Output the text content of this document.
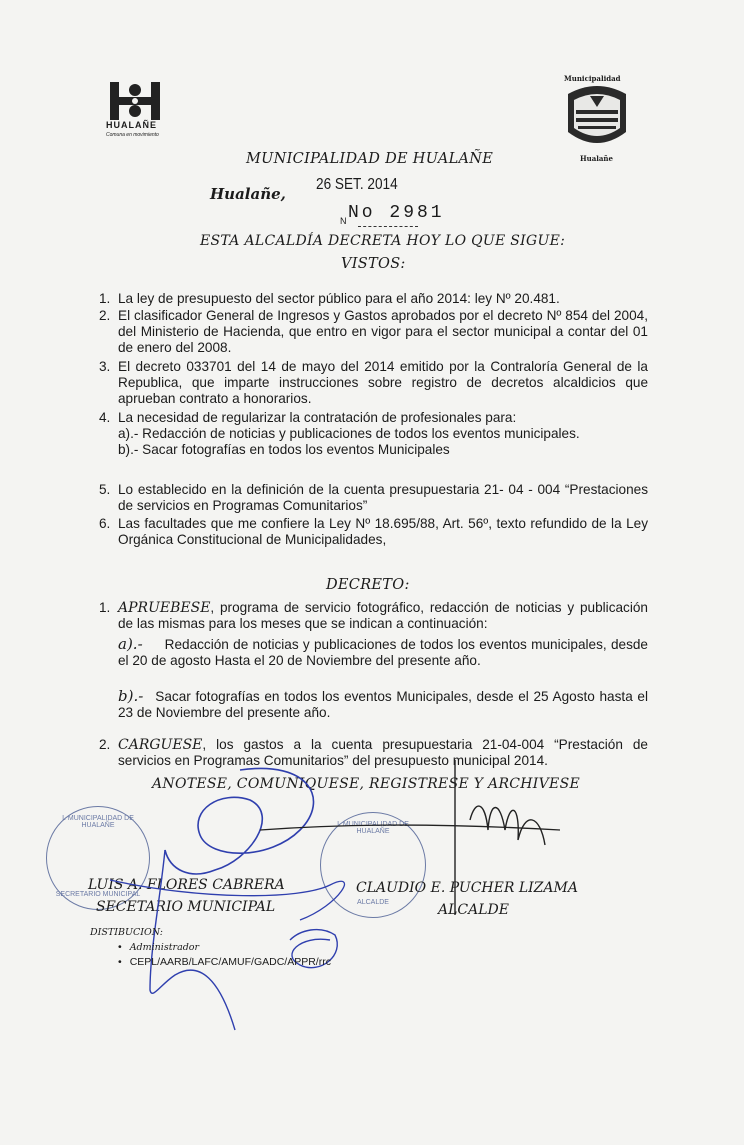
HUALAÑE
Comuna en movimiento
Municipalidad
Hualañe
MUNICIPALIDAD DE HUALAÑE
Hualañe,
26 SET. 2014
N No 2981
ESTA ALCALDÍA DECRETA HOY LO QUE SIGUE:
VISTOS:
1. La ley de presupuesto del sector público para el año 2014: ley Nº 20.481.
2. El clasificador General de Ingresos y Gastos aprobados por el decreto Nº 854 del 2004, del Ministerio de Hacienda, que entro en vigor para el sector municipal a contar del 01 de enero del 2008.
3. El decreto 033701 del 14 de mayo del 2014 emitido por la Contraloría General de la Republica, que imparte instrucciones sobre registro de decretos alcaldicios que aprueban contrato a honorarios.
4. La necesidad de regularizar la contratación de profesionales para:
a).- Redacción de noticias y publicaciones de todos los eventos municipales.
b).- Sacar fotografías en todos los eventos Municipales
5. Lo establecido en la definición de la cuenta presupuestaria 21- 04 - 004 “Prestaciones de servicios en Programas Comunitarios”
6. Las facultades que me confiere la Ley Nº 18.695/88, Art. 56º, texto refundido de la Ley Orgánica Constitucional de Municipalidades,
DECRETO:
1. APRUEBESE, programa de servicio fotográfico, redacción de noticias y publicación de las mismas para los meses que se indican a continuación:
a).- Redacción de noticias y publicaciones de todos los eventos municipales, desde el 20 de agosto Hasta el 20 de Noviembre del presente año.
b).- Sacar fotografías en todos los eventos Municipales, desde el 25 Agosto hasta el 23 de Noviembre del presente año.
2. CARGUESE, los gastos a la cuenta presupuestaria 21-04-004 “Prestación de servicios en Programas Comunitarios” del presupuesto municipal 2014.
ANOTESE, COMUNIQUESE, REGISTRESE Y ARCHIVESE
I. MUNICIPALIDAD DE HUALAÑE
SECRETARIO MUNICIPAL
I. MUNICIPALIDAD DE HUALAÑE
ALCALDE
LUIS A. FLORES CABRERA
SECETARIO MUNICIPAL
CLAUDIO E. PUCHER LIZAMA
ALCALDE
DISTIBUCION:
• Administrador
• CEPL/AARB/LAFC/AMUF/GADC/APPR/rrc
